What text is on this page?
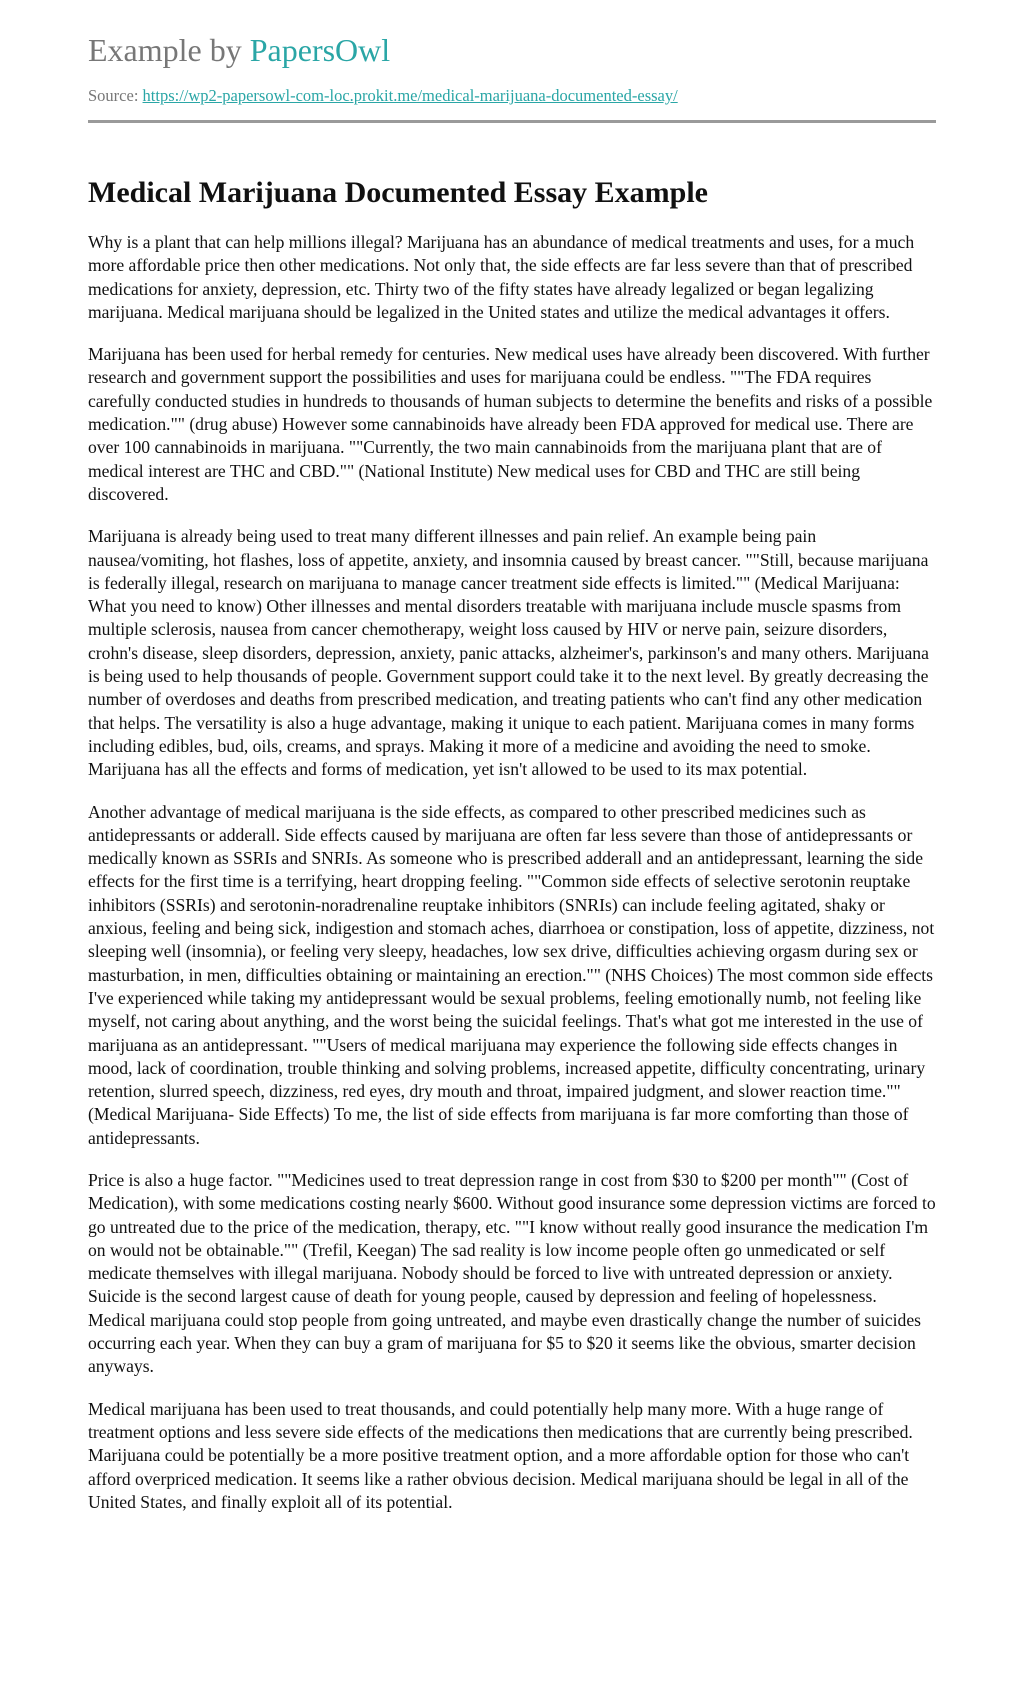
Example by PapersOwl
Source: https://wp2-papersowl-com-loc.prokit.me/medical-marijuana-documented-essay/
Medical Marijuana Documented Essay Example

Why is a plant that can help millions illegal? Marijuana has an abundance of medical treatments and uses, for a much more affordable price then other medications. Not only that, the side effects are far less severe than that of prescribed medications for anxiety, depression, etc. Thirty two of the fifty states have already legalized or began legalizing marijuana. Medical marijuana should be legalized in the United states and utilize the medical advantages it offers.

Marijuana has been used for herbal remedy for centuries. New medical uses have already been discovered. With further research and government support the possibilities and uses for marijuana could be endless. ""The FDA requires carefully conducted studies in hundreds to thousands of human subjects to determine the benefits and risks of a possible medication."" (drug abuse) However some cannabinoids have already been FDA approved for medical use. There are over 100 cannabinoids in marijuana. ""Currently, the two main cannabinoids from the marijuana plant that are of medical interest are THC and CBD."" (National Institute) New medical uses for CBD and THC are still being discovered.

Marijuana is already being used to treat many different illnesses and pain relief. An example being pain nausea/vomiting, hot flashes, loss of appetite, anxiety, and insomnia caused by breast cancer. ""Still, because marijuana is federally illegal, research on marijuana to manage cancer treatment side effects is limited."" (Medical Marijuana: What you need to know) Other illnesses and mental disorders treatable with marijuana include muscle spasms from multiple sclerosis, nausea from cancer chemotherapy, weight loss caused by HIV or nerve pain, seizure disorders, crohn's disease, sleep disorders, depression, anxiety, panic attacks, alzheimer's, parkinson's and many others. Marijuana is being used to help thousands of people. Government support could take it to the next level. By greatly decreasing the number of overdoses and deaths from prescribed medication, and treating patients who can't find any other medication that helps. The versatility is also a huge advantage, making it unique to each patient. Marijuana comes in many forms including edibles, bud, oils, creams, and sprays. Making it more of a medicine and avoiding the need to smoke. Marijuana has all the effects and forms of medication, yet isn't allowed to be used to its max potential.

Another advantage of medical marijuana is the side effects, as compared to other prescribed medicines such as antidepressants or adderall. Side effects caused by marijuana are often far less severe than those of antidepressants or medically known as SSRIs and SNRIs. As someone who is prescribed adderall and an antidepressant, learning the side effects for the first time is a terrifying, heart dropping feeling. ""Common side effects of selective serotonin reuptake inhibitors (SSRIs) and serotonin-noradrenaline reuptake inhibitors (SNRIs) can include feeling agitated, shaky or anxious, feeling and being sick, indigestion and stomach aches, diarrhoea or constipation, loss of appetite, dizziness, not sleeping well (insomnia), or feeling very sleepy, headaches, low sex drive, difficulties achieving orgasm during sex or masturbation, in men, difficulties obtaining or maintaining an erection."" (NHS Choices) The most common side effects I've experienced while taking my antidepressant would be sexual problems, feeling emotionally numb, not feeling like myself, not caring about anything, and the worst being the suicidal feelings. That's what got me interested in the use of marijuana as an antidepressant. ""Users of medical marijuana may experience the following side effects changes in mood, lack of coordination, trouble thinking and solving problems, increased appetite, difficulty concentrating, urinary retention, slurred speech, dizziness, red eyes, dry mouth and throat, impaired judgment, and slower reaction time."" (Medical Marijuana- Side Effects) To me, the list of side effects from marijuana is far more comforting than those of antidepressants.

Price is also a huge factor. ""Medicines used to treat depression range in cost from $30 to $200 per month"" (Cost of Medication), with some medications costing nearly $600. Without good insurance some depression victims are forced to go untreated due to the price of the medication, therapy, etc. ""I know without really good insurance the medication I'm on would not be obtainable."" (Trefil, Keegan) The sad reality is low income people often go unmedicated or self medicate themselves with illegal marijuana. Nobody should be forced to live with untreated depression or anxiety. Suicide is the second largest cause of death for young people, caused by depression and feeling of hopelessness. Medical marijuana could stop people from going untreated, and maybe even drastically change the number of suicides occurring each year. When they can buy a gram of marijuana for $5 to $20 it seems like the obvious, smarter decision anyways.

Medical marijuana has been used to treat thousands, and could potentially help many more. With a huge range of treatment options and less severe side effects of the medications then medications that are currently being prescribed. Marijuana could be potentially be a more positive treatment option, and a more affordable option for those who can't afford overpriced medication. It seems like a rather obvious decision. Medical marijuana should be legal in all of the United States, and finally exploit all of its potential.
